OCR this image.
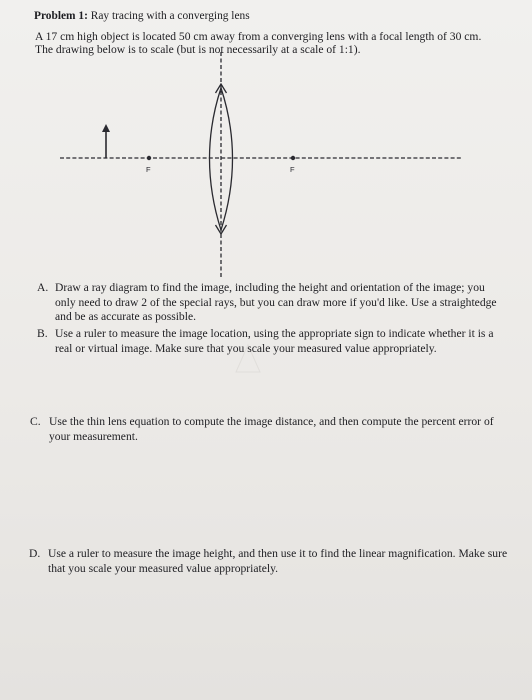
Problem 1: Ray tracing with a converging lens

A 17 cm high object is located 50 cm away from a converging lens with a focal length of 30 cm.
The drawing below is to scale (but is not necessarily at a scale of 1:1).
F	F
A. Draw a ray diagram to find the image, including the height and orientation of the image; you only need to draw 2 of the special rays, but you can draw more if you'd like. Use a straightedge and be as accurate as possible.
B. Use a ruler to measure the image location, using the appropriate sign to indicate whether it is a real or virtual image. Make sure that you scale your measured value appropriately.
C. Use the thin lens equation to compute the image distance, and then compute the percent error of your measurement.
D. Use a ruler to measure the image height, and then use it to find the linear magnification. Make sure that you scale your measured value appropriately.
